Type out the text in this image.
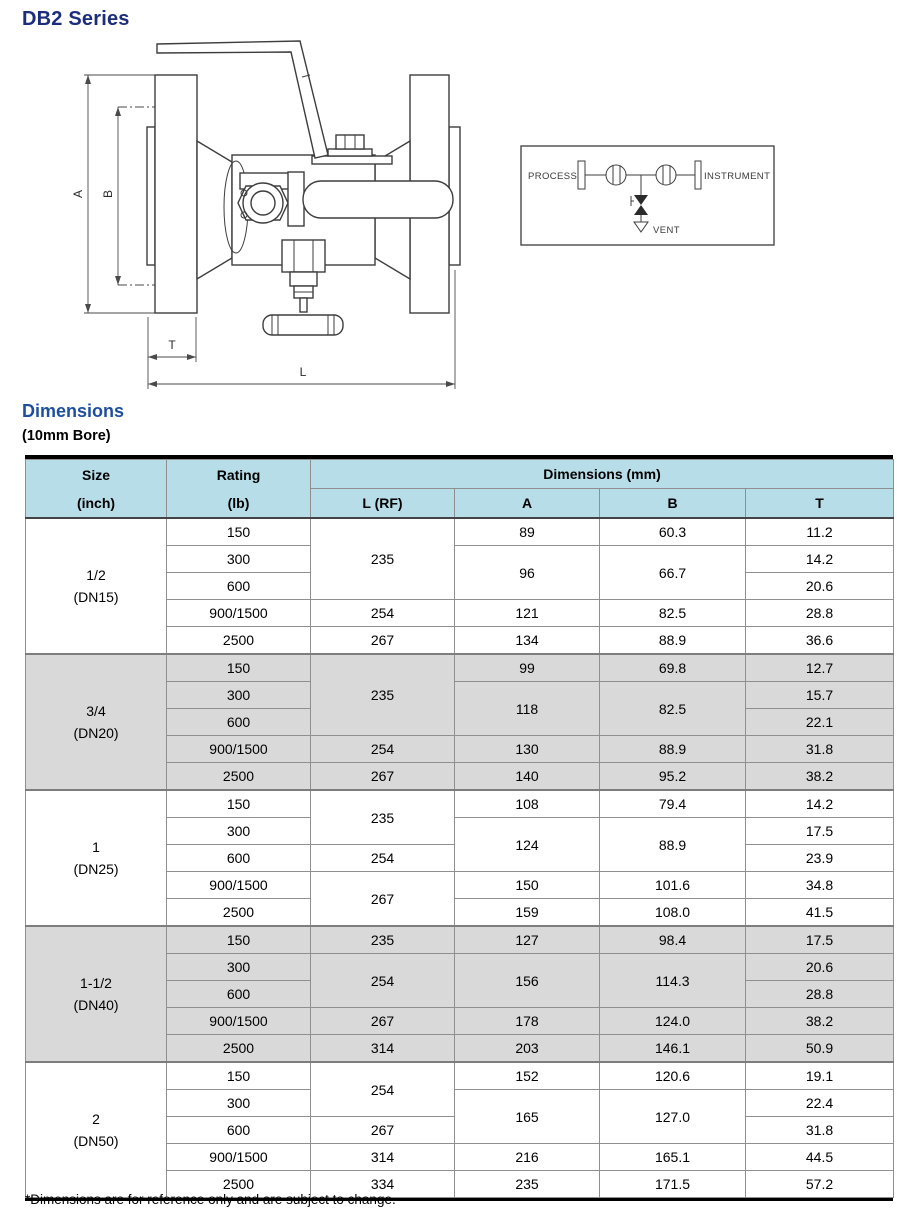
DB2 Series
A B
T
L
PROCESS	INSTRUMENT
VENT
Dimensions
(10mm Bore)
Size
(inch)

Rating
(lb)
	Dimensions (mm)
		L (RF)	A	B	T

1/2
(DN15)	150	235	89	60.3	11.2
	300		96	66.7	14.2
	600				20.6
	900/1500	254	121	82.5	28.8
	2500	267	134	88.9	36.6

3/4
(DN20)	150	235	99	69.8	12.7
	300		118	82.5	15.7
	600				22.1
	900/1500	254	130	88.9	31.8
	2500	267	140	95.2	38.2

1
(DN25)	150	235	108	79.4	14.2
	300		124	88.9	17.5
	600	254			23.9
	900/1500	267	150	101.6	34.8
	2500		159	108.0	41.5

1-1/2
(DN40)	150	235	127	98.4	17.5
	300	254	156	114.3	20.6
	600				28.8
	900/1500	267	178	124.0	38.2
	2500	314	203	146.1	50.9

2
(DN50)	150	254	152	120.6	19.1
	300		165	127.0	22.4
	600	267			31.8
	900/1500	314	216	165.1	44.5
	2500	334	235	171.5	57.2
*Dimensions are for reference only and are subject to change.
